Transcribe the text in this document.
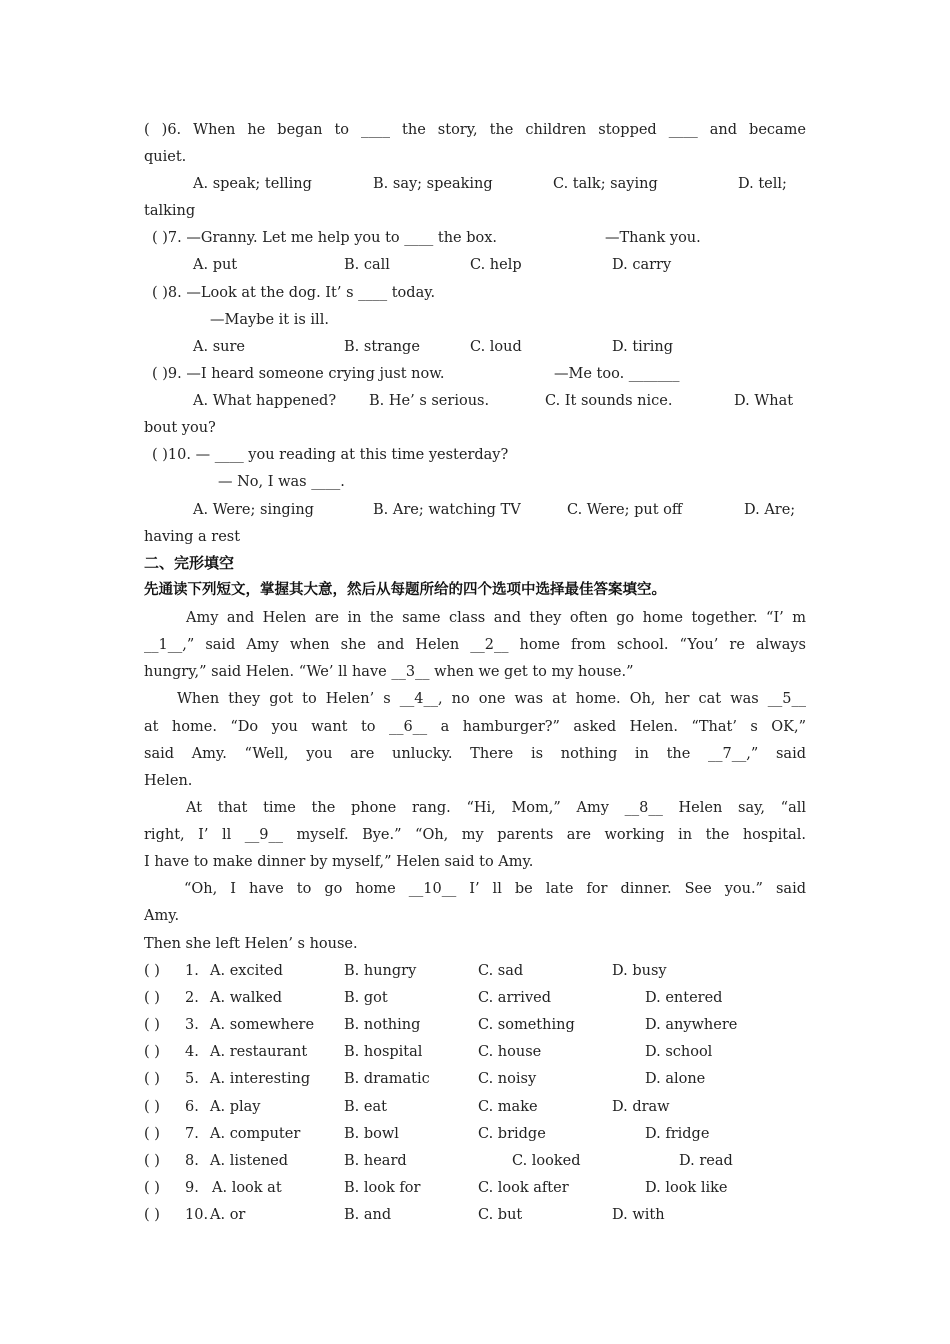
( )6. When he began to ____ the story, the children stopped ____ and became
quiet.
A. speak; telling	B. say; speaking	C. talk; saying	D. tell;
talking
( )7. —Granny. Let me help you to ____ the box.	—Thank you.
A. put	B. call	C. help	D. carry
( )8. —Look at the dog. It’ s ____ today.
—Maybe it is ill.
A. sure	B. strange	C. loud	D. tiring
( )9. —I heard someone crying just now.	—Me too. _______
A. What happened? B. He’ s serious.	C. It sounds nice.	D. What
bout you?
( )10. — ____ you reading at this time yesterday?
— No, I was ____.
A. Were; singing	B. Are; watching TV	C. Were; put off	D. Are;
having a rest
二、完形填空
先通读下列短文，掌握其大意，然后从每题所给的四个选项中选择最佳答案填空。
Amy and Helen are in the same class and they often go home together. “I’ m
__1__,” said Amy when she and Helen __2__ home from school. “You’ re always
hungry,” said Helen. “We’ ll have __3__ when we get to my house.”
When they got to Helen’ s __4__, no one was at home. Oh, her cat was __5__
at home. “Do you want to __6__ a hamburger?” asked Helen. “That’ s OK,”
said Amy. “Well, you are unlucky. There is nothing in the __7__,” said
Helen.
At that time the phone rang. “Hi, Mom,” Amy __8__ Helen say, “all
right, I’ ll __9__ myself. Bye.” “Oh, my parents are working in the hospital.
I have to make dinner by myself,” Helen said to Amy.
“Oh, I have to go home __10__ I’ ll be late for dinner. See you.” said
Amy.
Then she left Helen’ s house.
( ) 1. A. excited	B. hungry	C. sad	D. busy
( ) 2. A. walked	B. got	C. arrived	D. entered
( ) 3. A. somewhere B. nothing	C. something	D. anywhere
( ) 4. A. restaurant	B. hospital	C. house	D. school
( ) 5. A. interesting B. dramatic	C. noisy	D. alone
( ) 6. A. play	B. eat	C. make	D. draw
( ) 7. A. computer	B. bowl	C. bridge	D. fridge
( ) 8. A. listened	B. heard	C. looked	D. read
( ) 9. A. look at	B. look for	C. look after	D. look like
( ) 10. A. or	B. and	C. but	D. with
